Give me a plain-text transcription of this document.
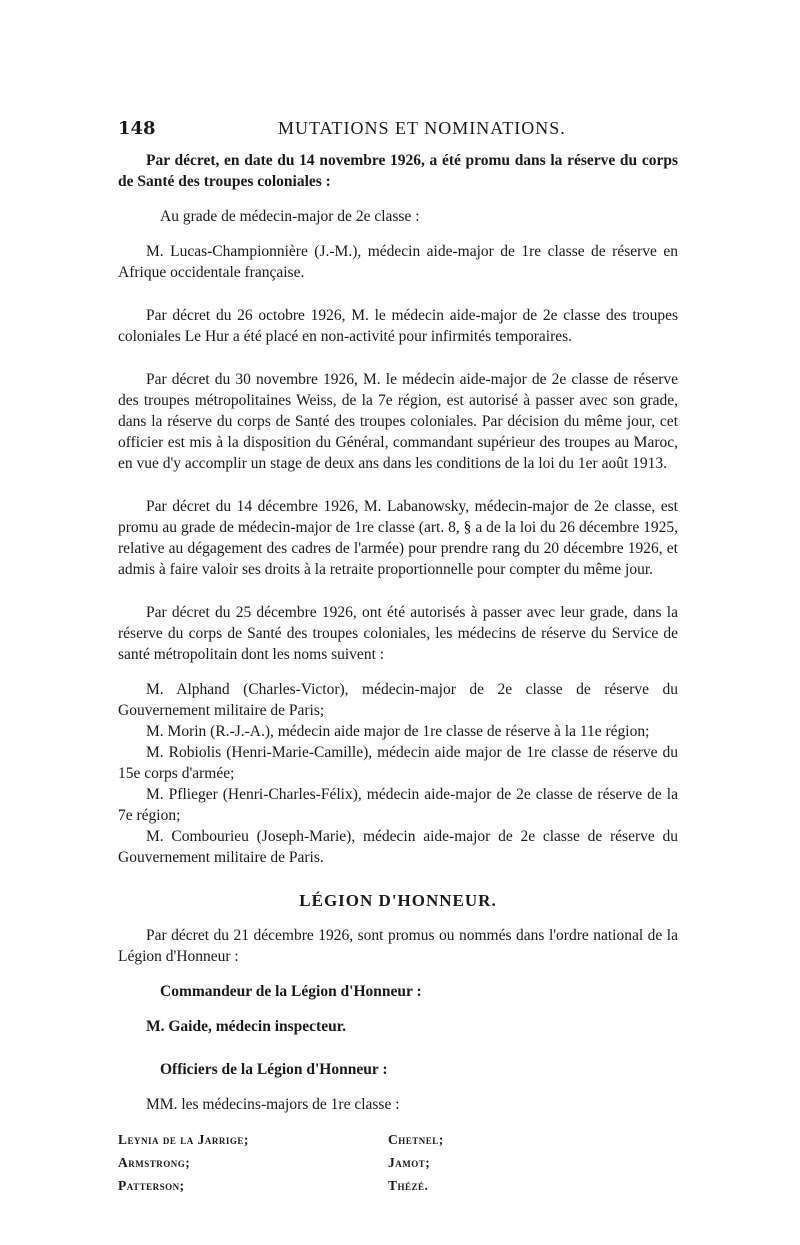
148	MUTATIONS ET NOMINATIONS.

Par décret, en date du 14 novembre 1926, a été promu dans la réserve du corps de Santé des troupes coloniales :

Au grade de médecin-major de 2e classe :

M. Lucas-Championnière (J.-M.), médecin aide-major de 1re classe de réserve en Afrique occidentale française.

Par décret du 26 octobre 1926, M. le médecin aide-major de 2e classe des troupes coloniales Le Hur a été placé en non-activité pour infirmités temporaires.

Par décret du 30 novembre 1926, M. le médecin aide-major de 2e classe de réserve des troupes métropolitaines Weiss, de la 7e région, est autorisé à passer avec son grade, dans la réserve du corps de Santé des troupes coloniales. Par décision du même jour, cet officier est mis à la disposition du Général, commandant supérieur des troupes au Maroc, en vue d'y accomplir un stage de deux ans dans les conditions de la loi du 1er août 1913.

Par décret du 14 décembre 1926, M. Labanowsky, médecin-major de 2e classe, est promu au grade de médecin-major de 1re classe (art. 8, § a de la loi du 26 décembre 1925, relative au dégagement des cadres de l'armée) pour prendre rang du 20 décembre 1926, et admis à faire valoir ses droits à la retraite proportionnelle pour compter du même jour.

Par décret du 25 décembre 1926, ont été autorisés à passer avec leur grade, dans la réserve du corps de Santé des troupes coloniales, les médecins de réserve du Service de santé métropolitain dont les noms suivent :

M. Alphand (Charles-Victor), médecin-major de 2e classe de réserve du Gouvernement militaire de Paris;

M. Morin (R.-J.-A.), médecin aide major de 1re classe de réserve à la 11e région;

M. Robiolis (Henri-Marie-Camille), médecin aide major de 1re classe de réserve du 15e corps d'armée;

M. Pflieger (Henri-Charles-Félix), médecin aide-major de 2e classe de réserve de la 7e région;

M. Combourieu (Joseph-Marie), médecin aide-major de 2e classe de réserve du Gouvernement militaire de Paris.

LÉGION D'HONNEUR.

Par décret du 21 décembre 1926, sont promus ou nommés dans l'ordre national de la Légion d'Honneur :

Commandeur de la Légion d'Honneur :

M. Gaide, médecin inspecteur.

Officiers de la Légion d'Honneur :

MM. les médecins-majors de 1re classe :

Leynia de la Jarrige;	Chetnel;
Armstrong;	Jamot;
Patterson;	Thézé.
